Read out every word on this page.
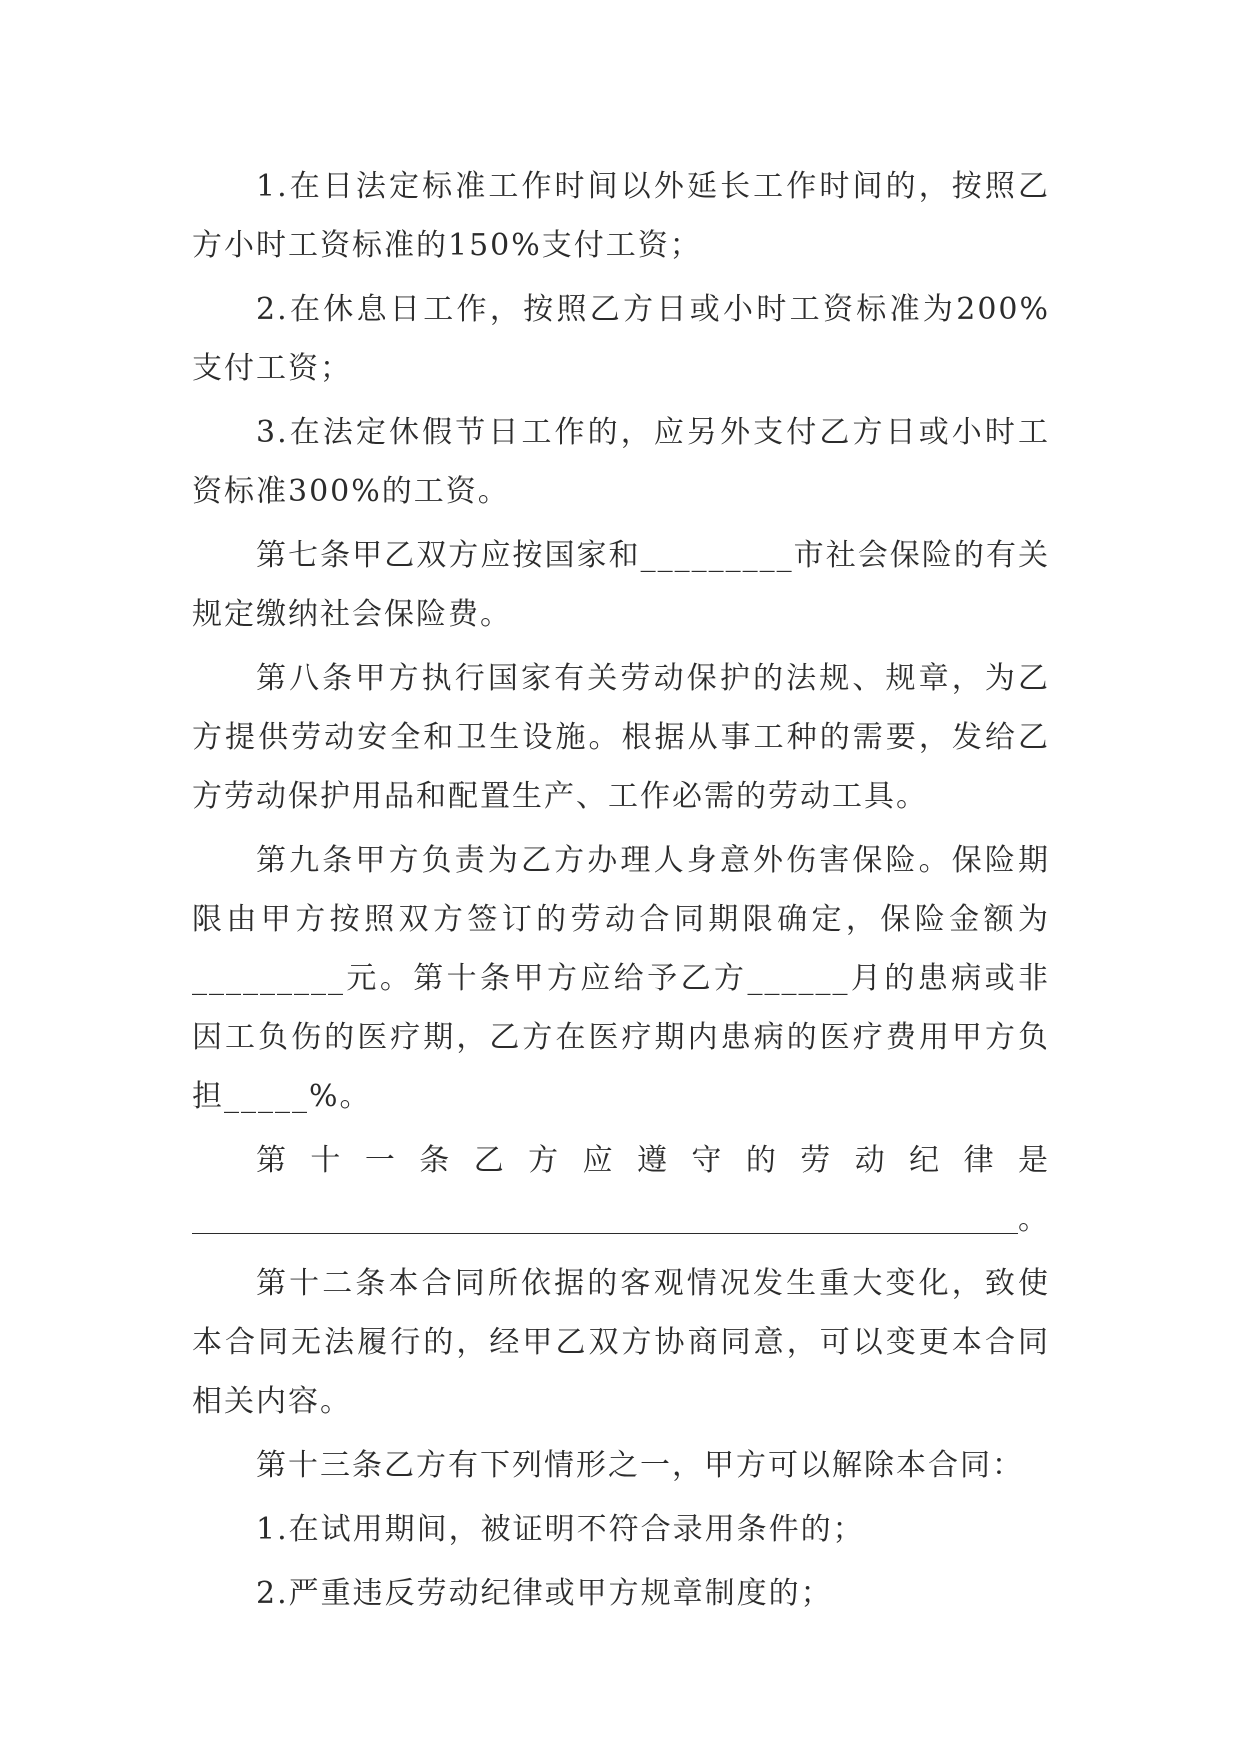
1.在日法定标准工作时间以外延长工作时间的，按照乙方小时工资标准的150%支付工资；

2.在休息日工作，按照乙方日或小时工资标准为200%支付工资；

3.在法定休假节日工作的，应另外支付乙方日或小时工资标准300%的工资。

第七条甲乙双方应按国家和_________市社会保险的有关规定缴纳社会保险费。

第八条甲方执行国家有关劳动保护的法规、规章，为乙方提供劳动安全和卫生设施。根据从事工种的需要，发给乙方劳动保护用品和配置生产、工作必需的劳动工具。

第九条甲方负责为乙方办理人身意外伤害保险。保险期限由甲方按照双方签订的劳动合同期限确定，保险金额为_________元。第十条甲方应给予乙方______月的患病或非因工负伤的医疗期，乙方在医疗期内患病的医疗费用甲方负担_____%。

第十一条乙方应遵守的劳动纪律是

。

第十二条本合同所依据的客观情况发生重大变化，致使本合同无法履行的，经甲乙双方协商同意，可以变更本合同相关内容。

第十三条乙方有下列情形之一，甲方可以解除本合同：

1.在试用期间，被证明不符合录用条件的；

2.严重违反劳动纪律或甲方规章制度的；
